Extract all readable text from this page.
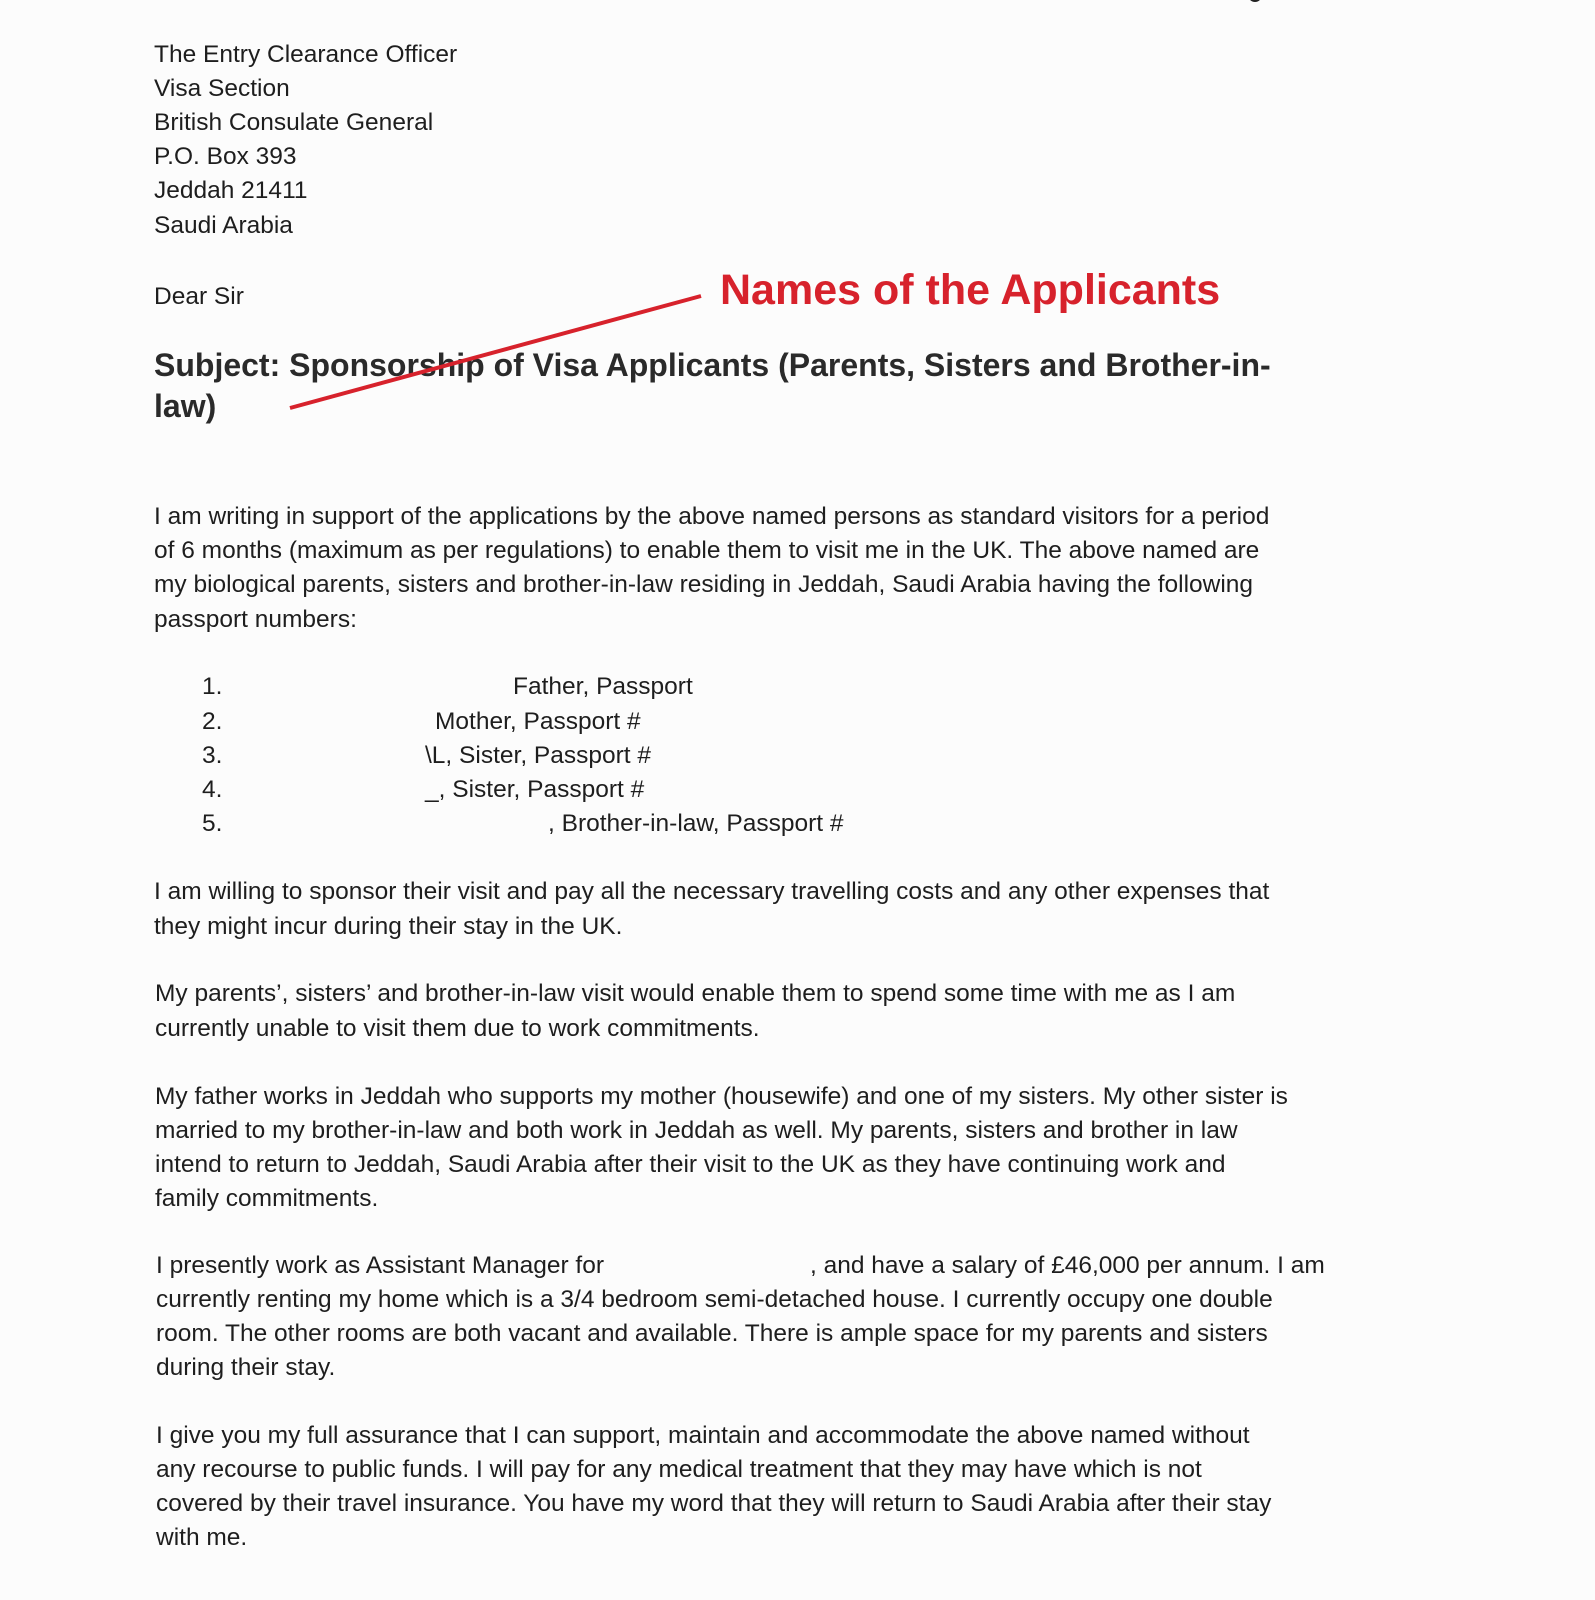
The Entry Clearance Officer
Visa Section
British Consulate General
P.O. Box 393
Jeddah 21411
Saudi Arabia
Dear Sir
Subject: Sponsorship of Visa Applicants (Parents, Sisters and Brother-in-
law)
Names of the Applicants
I am writing in support of the applications by the above named persons as standard visitors for a period
of 6 months (maximum as per regulations) to enable them to visit me in the UK. The above named are
my biological parents, sisters and brother-in-law residing in Jeddah, Saudi Arabia having the following
passport numbers:
1.	Father, Passport
2.	Mother, Passport #
3.	\L, Sister, Passport #
4.	_, Sister, Passport #
5.	, Brother-in-law, Passport #
I am willing to sponsor their visit and pay all the necessary travelling costs and any other expenses that
they might incur during their stay in the UK.
My parents’, sisters’ and brother-in-law visit would enable them to spend some time with me as I am
currently unable to visit them due to work commitments.
My father works in Jeddah who supports my mother (housewife) and one of my sisters. My other sister is
married to my brother-in-law and both work in Jeddah as well. My parents, sisters and brother in law
intend to return to Jeddah, Saudi Arabia after their visit to the UK as they have continuing work and
family commitments.
I presently work as Assistant Manager for	, and have a salary of £46,000 per annum. I am
currently renting my home which is a 3/4 bedroom semi-detached house. I currently occupy one double
room. The other rooms are both vacant and available. There is ample space for my parents and sisters
during their stay.
I give you my full assurance that I can support, maintain and accommodate the above named without
any recourse to public funds. I will pay for any medical treatment that they may have which is not
covered by their travel insurance. You have my word that they will return to Saudi Arabia after their stay
with me.
